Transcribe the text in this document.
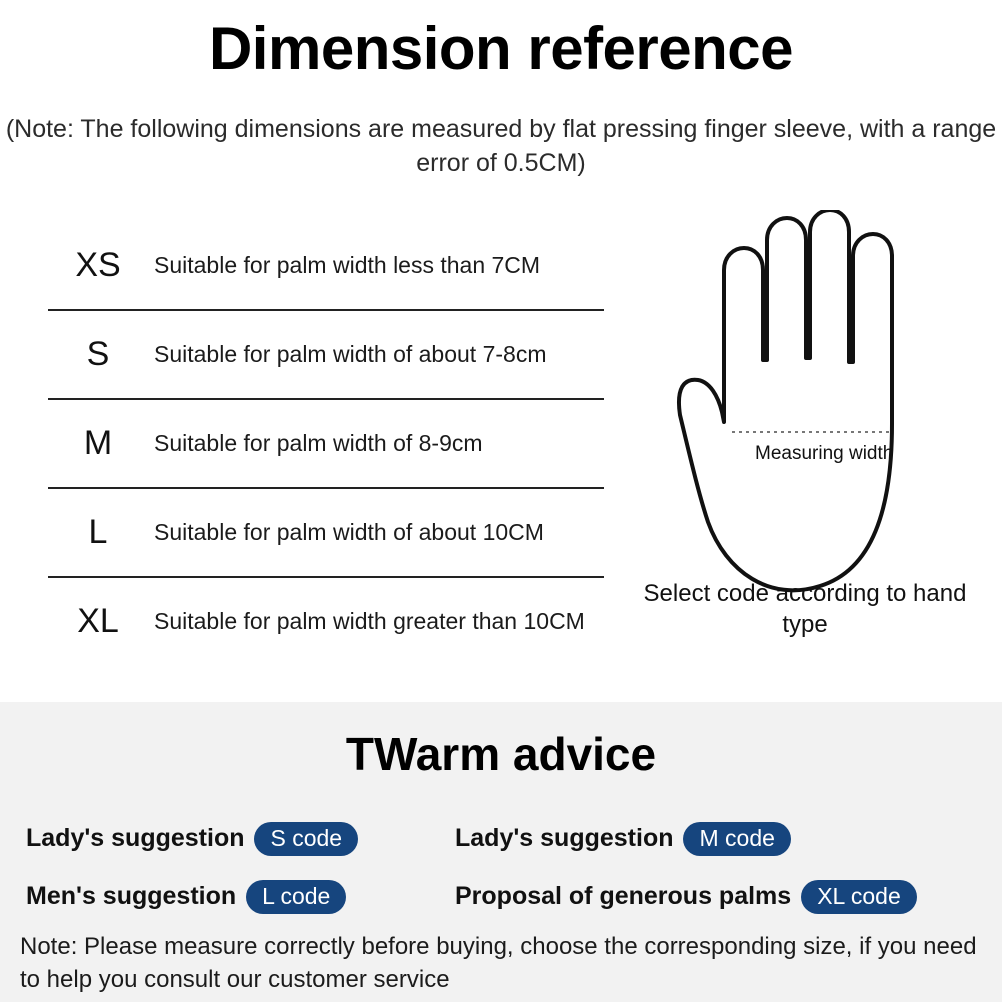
Dimension reference
(Note: The following dimensions are measured by flat pressing finger sleeve, with a range error of 0.5CM)
XS	Suitable for palm width less than 7CM
S	Suitable for palm width of about 7-8cm
M	Suitable for palm width of 8-9cm
L	Suitable for palm width of about 10CM
XL	Suitable for palm width greater than 10CM
Measuring width
Select code according to hand type
TWarm advice
Lady's suggestion	S code	Lady's suggestion	M code
Men's suggestion	L code	Proposal of generous palms	XL code
Note: Please measure correctly before buying, choose the corresponding size, if you need to help you consult our customer service
